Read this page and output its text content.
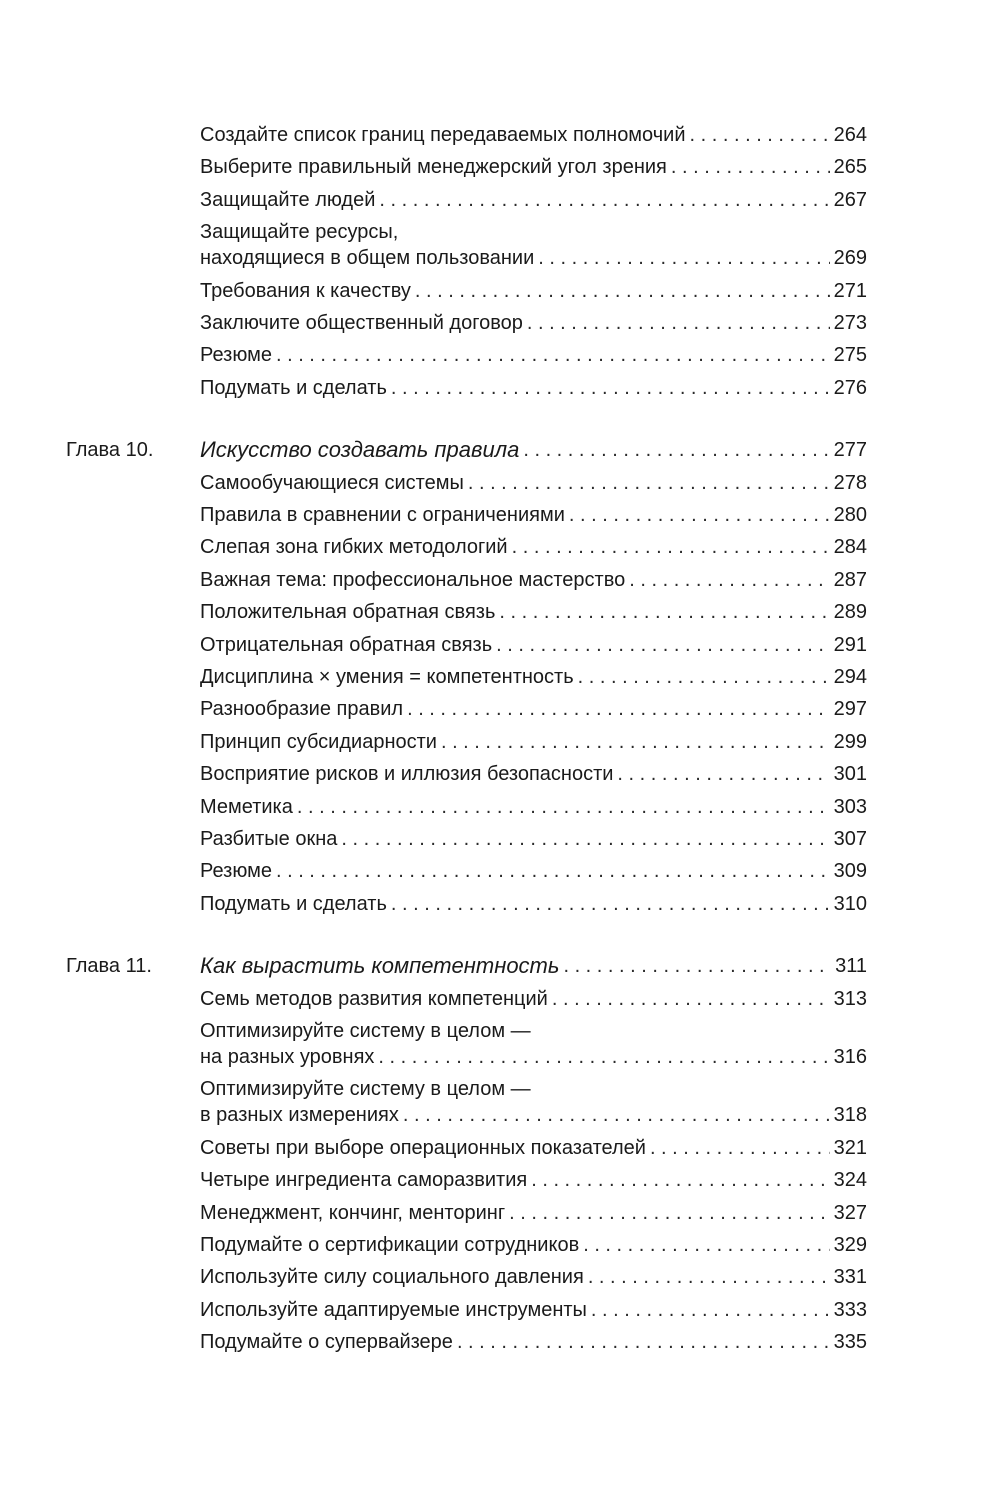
Создайте список границ передаваемых полномочий . . .	264
Выберите правильный менеджерский угол зрения . . .	265
Защищайте людей . . .	267
Защищайте ресурсы,
находящиеся в общем пользовании . . .	269
Требования к качеству . . .	271
Заключите общественный договор . . .	273
Резюме . . .	275
Подумать и сделать . . .	276
Глава 10. Искусство создавать правила . . .	277
Самообучающиеся системы . . .	278
Правила в сравнении с ограничениями . . .	280
Слепая зона гибких методологий . . .	284
Важная тема: профессиональное мастерство . . .	287
Положительная обратная связь . . .	289
Отрицательная обратная связь . . .	291
Дисциплина × умения = компетентность . . .	294
Разнообразие правил . . .	297
Принцип субсидиарности . . .	299
Восприятие рисков и иллюзия безопасности . . .	301
Меметика . . .	303
Разбитые окна . . .	307
Резюме . . .	309
Подумать и сделать . . .	310
Глава 11. Как вырастить компетентность . . .	311
Семь методов развития компетенций . . .	313
Оптимизируйте систему в целом —
на разных уровнях . . .	316
Оптимизируйте систему в целом —
в разных измерениях . . .	318
Советы при выборе операционных показателей . . .	321
Четыре ингредиента саморазвития . . .	324
Менеджмент, кончинг, менторинг . . .	327
Подумайте о сертификации сотрудников . . .	329
Используйте силу социального давления . . .	331
Используйте адаптируемые инструменты . . .	333
Подумайте о супервайзере . . .	335
